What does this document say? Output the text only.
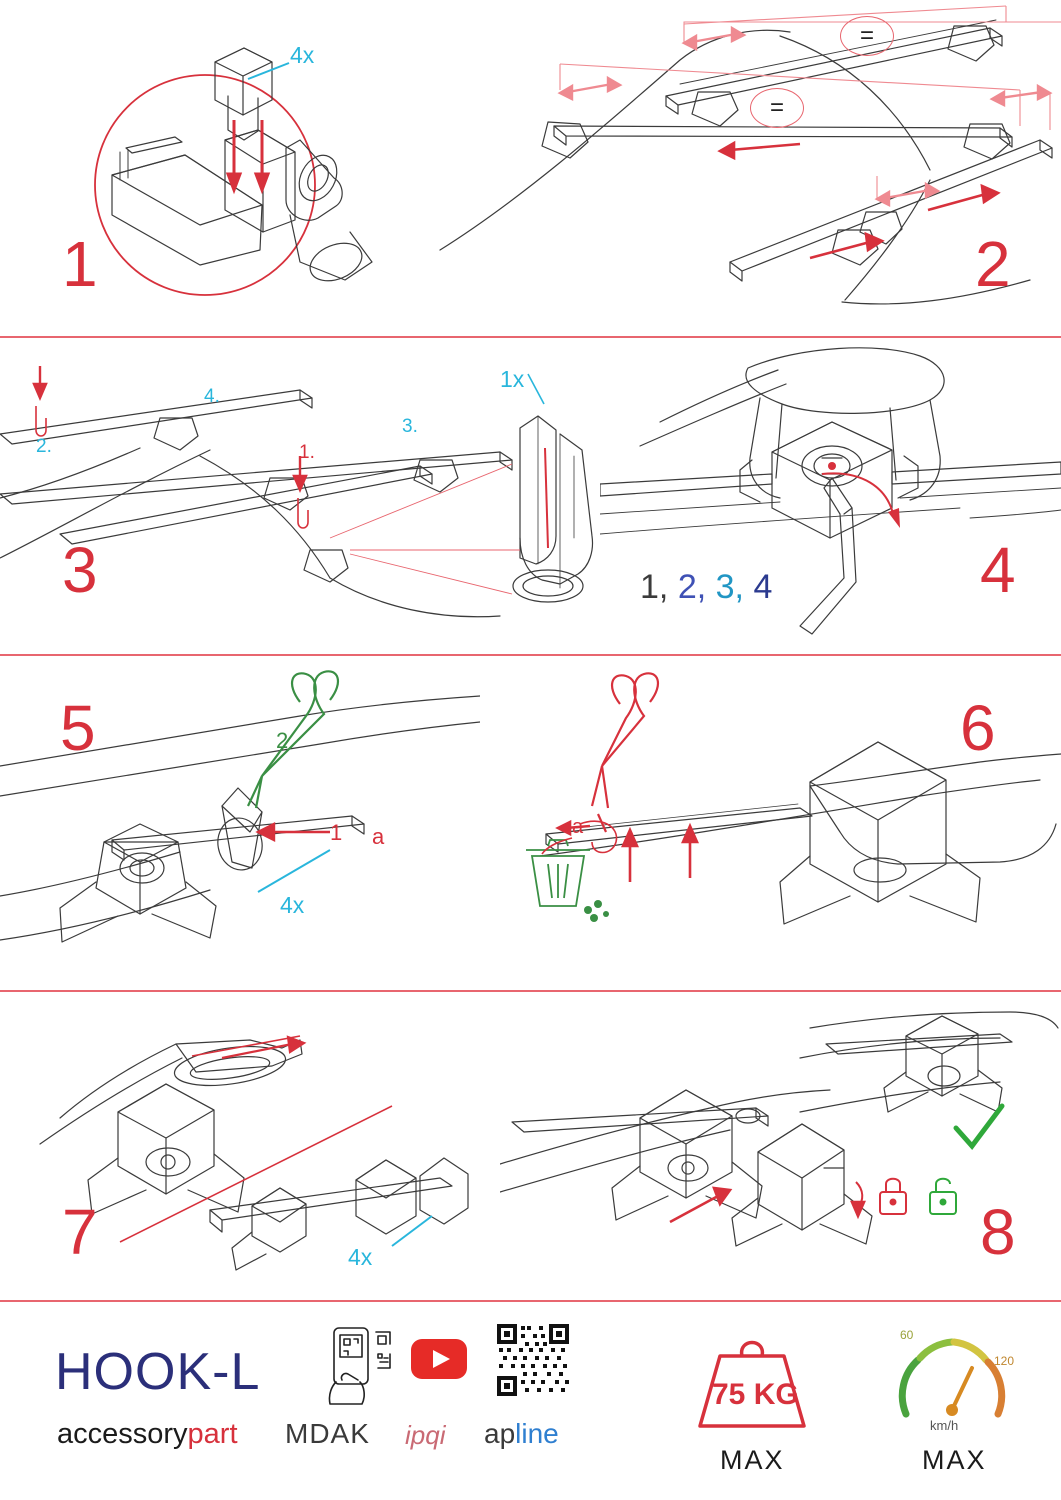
4x
1
=
=
2
1.
2.
3.
4.
1x
3	1, 2, 3, 4	4
5
1
2
a
4x
6
a
7	4x	8
HOOK-L
accessorypart MDAK ipqi apline
75 KG
MAX
60
120
km/h
MAX
